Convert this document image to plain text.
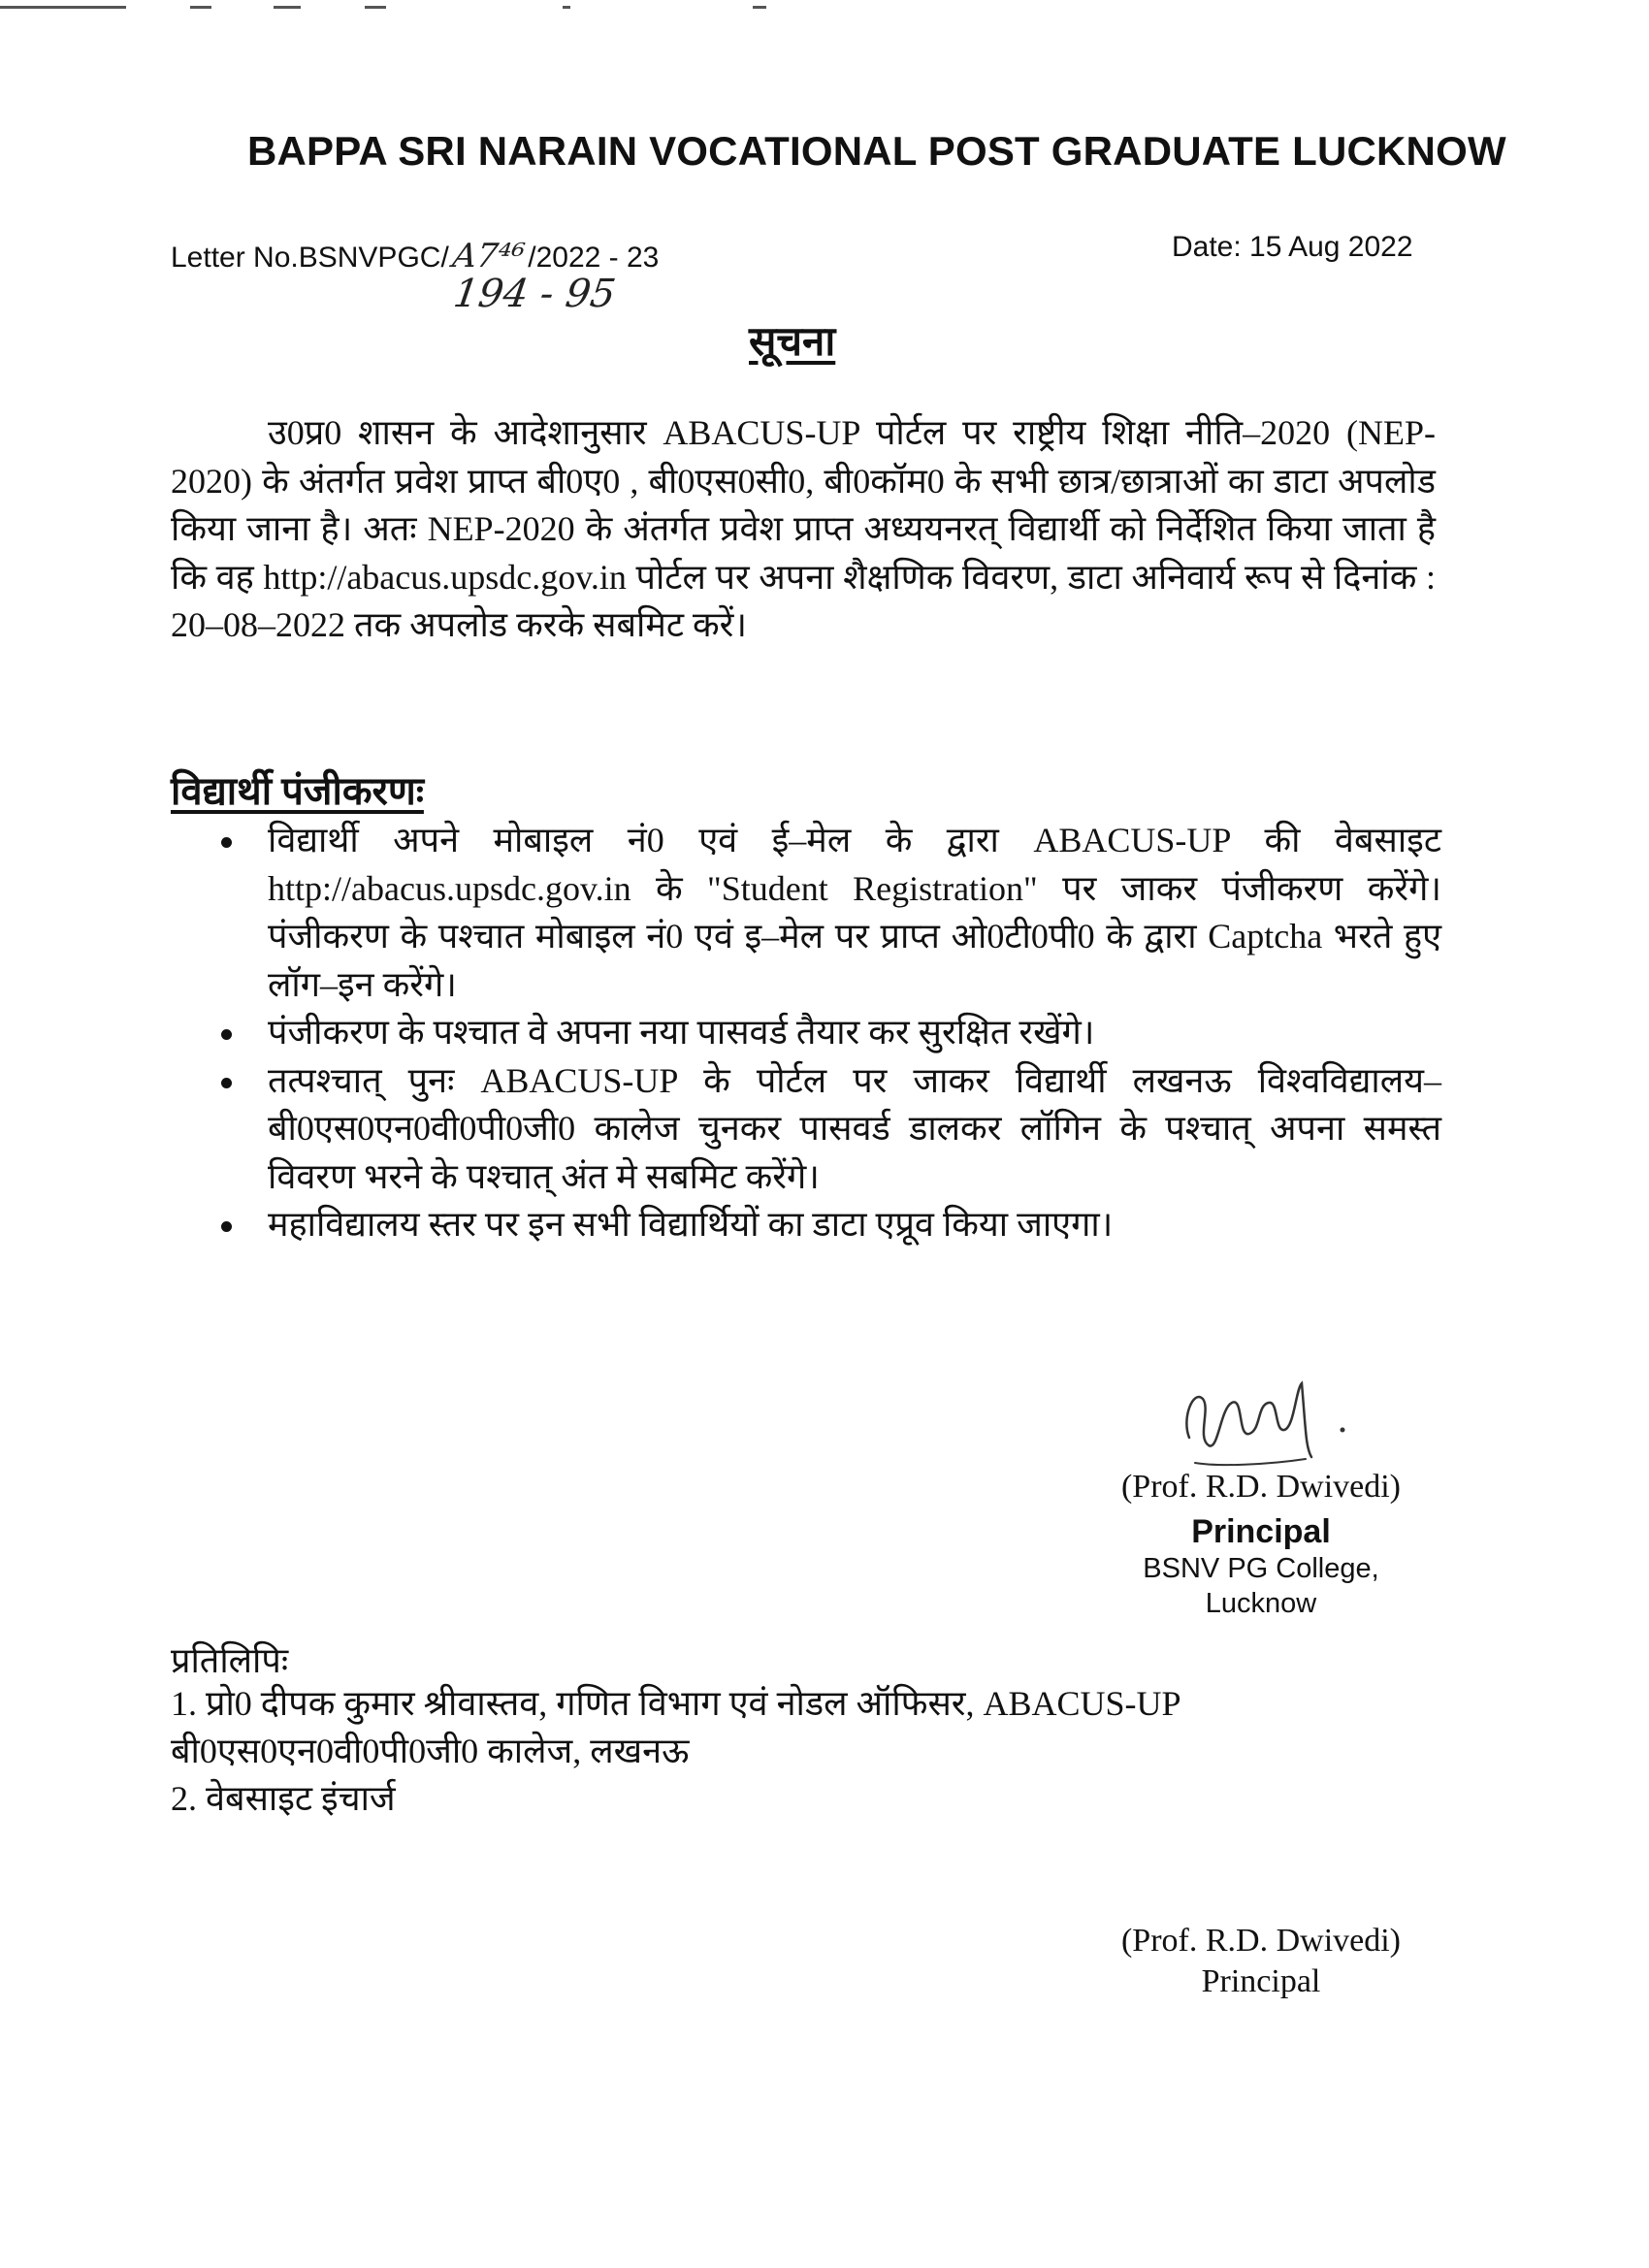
BAPPA SRI NARAIN VOCATIONAL POST GRADUATE LUCKNOW
Letter No.BSNVPGC/A7⁴⁶/2022 - 23
194 - 95
Date: 15 Aug 2022
सूचना

उ0प्र0 शासन के आदेशानुसार ABACUS-UP पोर्टल पर राष्ट्रीय शिक्षा नीति–2020 (NEP-2020) के अंतर्गत प्रवेश प्राप्त बी0ए0 , बी0एस0सी0, बी0कॉम0 के सभी छात्र/छात्राओं का डाटा अपलोड किया जाना है। अतः NEP-2020 के अंतर्गत प्रवेश प्राप्त अध्ययनरत् विद्यार्थी को निर्देशित किया जाता है कि वह http://abacus.upsdc.gov.in पोर्टल पर अपना शैक्षणिक विवरण, डाटा अनिवार्य रूप से दिनांक : 20–08–2022 तक अपलोड करके सबमिट करें।

विद्यार्थी पंजीकरणः
विद्यार्थी अपने मोबाइल नं0 एवं ई–मेल के द्वारा ABACUS-UP की वेबसाइट http://abacus.upsdc.gov.in के "Student Registration" पर जाकर पंजीकरण करेंगे। पंजीकरण के पश्चात मोबाइल नं0 एवं इ–मेल पर प्राप्त ओ0टी0पी0 के द्वारा Captcha भरते हुए लॉग–इन करेंगे।
पंजीकरण के पश्चात वे अपना नया पासवर्ड तैयार कर सुरक्षित रखेंगे।
तत्पश्चात् पुनः ABACUS-UP के पोर्टल पर जाकर विद्यार्थी लखनऊ विश्वविद्यालय–बी0एस0एन0वी0पी0जी0 कालेज चुनकर पासवर्ड डालकर लॉगिन के पश्चात् अपना समस्त विवरण भरने के पश्चात् अंत मे सबमिट करेंगे।
महाविद्यालय स्तर पर इन सभी विद्यार्थियों का डाटा एप्रूव किया जाएगा।
(Prof. R.D. Dwivedi)
Principal
BSNV PG College,
Lucknow
प्रतिलिपिः
1. प्रो0 दीपक कुमार श्रीवास्तव, गणित विभाग एवं नोडल ऑफिसर, ABACUS-UP बी0एस0एन0वी0पी0जी0 कालेज, लखनऊ
2. वेबसाइट इंचार्ज
(Prof. R.D. Dwivedi)
Principal
